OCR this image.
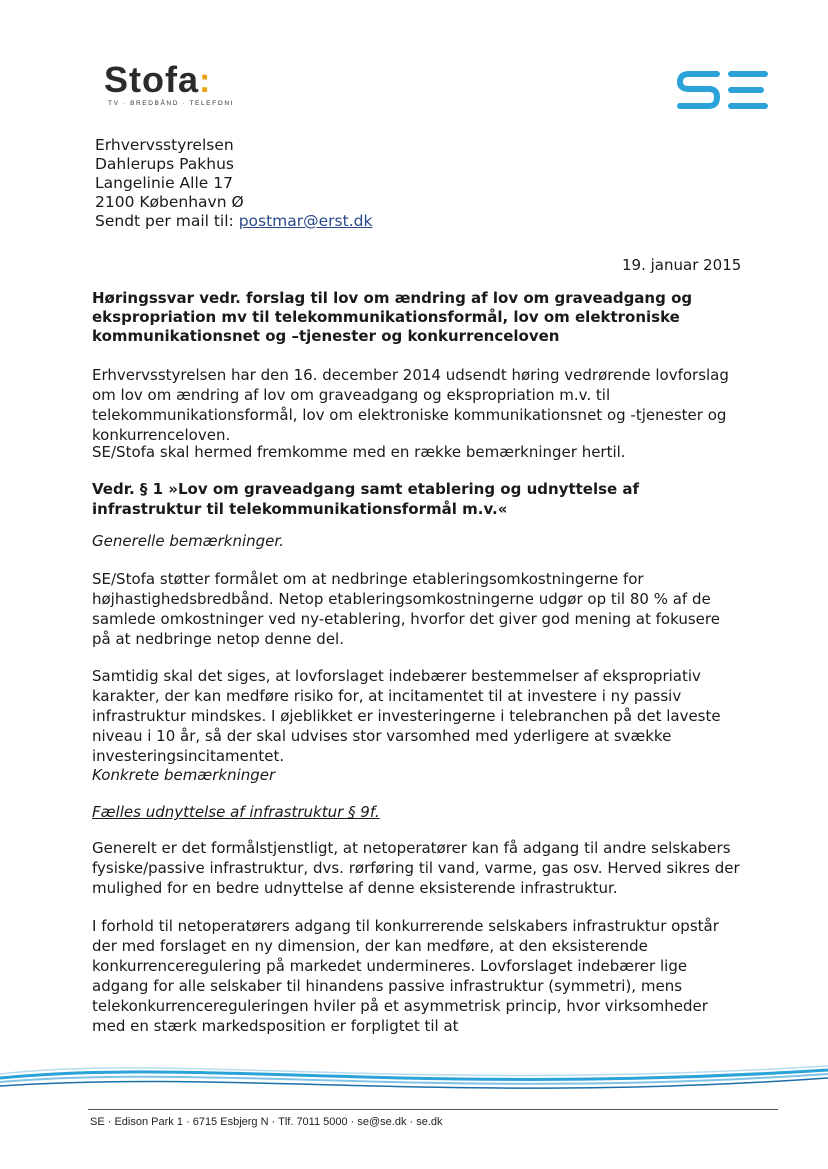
Stofa:
TV · BREDBÅND · TELEFONI
Erhvervsstyrelsen
Dahlerups Pakhus
Langelinie Alle 17
2100 København Ø
Sendt per mail til: postmar@erst.dk
19. januar 2015

Høringssvar vedr. forslag til lov om ændring af lov om graveadgang og ekspropriation mv til telekommunikationsformål, lov om elektroniske kommunikationsnet og –tjenester og konkurrenceloven

Erhvervsstyrelsen har den 16. december 2014 udsendt høring vedrørende lovforslag om lov om ændring af lov om graveadgang og ekspropriation m.v. til telekommunikationsformål, lov om elektroniske kommunikationsnet og -tjenester og konkurrenceloven.

SE/Stofa skal hermed fremkomme med en række bemærkninger hertil.

Vedr. § 1 »Lov om graveadgang samt etablering og udnyttelse af infrastruktur til telekommunikationsformål m.v.«

Generelle bemærkninger.

SE/Stofa støtter formålet om at nedbringe etableringsomkostningerne for højhastighedsbredbånd. Netop etableringsomkostningerne udgør op til 80 % af de samlede omkostninger ved ny-etablering, hvorfor det giver god mening at fokusere på at nedbringe netop denne del.

Samtidig skal det siges, at lovforslaget indebærer bestemmelser af ekspropriativ karakter, der kan medføre risiko for, at incitamentet til at investere i ny passiv infrastruktur mindskes. I øjeblikket er investeringerne i telebranchen på det laveste niveau i 10 år, så der skal udvises stor varsomhed med yderligere at svække investeringsincitamentet.

Konkrete bemærkninger

Fælles udnyttelse af infrastruktur § 9f.

Generelt er det formålstjenstligt, at netoperatører kan få adgang til andre selskabers fysiske/passive infrastruktur, dvs. rørføring til vand, varme, gas osv. Herved sikres der mulighed for en bedre udnyttelse af denne eksisterende infrastruktur.

I forhold til netoperatørers adgang til konkurrerende selskabers infrastruktur opstår der med forslaget en ny dimension, der kan medføre, at den eksisterende konkurrenceregulering på markedet undermineres. Lovforslaget indebærer lige adgang for alle selskaber til hinandens passive infrastruktur (symmetri), mens telekonkurrencereguleringen hviler på et asymmetrisk princip, hvor virksomheder med en stærk markedsposition er forpligtet til at

SE · Edison Park 1 · 6715 Esbjerg N · Tlf. 7011 5000 · se@se.dk · se.dk
